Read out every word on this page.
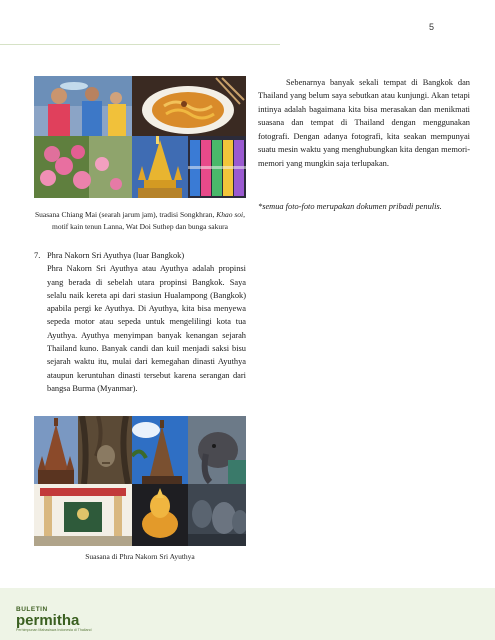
5
Suasana Chiang Mai (searah jarum jam), tradisi Songkhran, Khao soi, motif kain tenun Lanna, Wat Doi Suthep dan bunga sakura

Sebenarnya banyak sekali tempat di Bangkok dan Thailand yang belum saya sebutkan atau kunjungi. Akan tetapi intinya adalah bagaimana kita bisa merasakan dan menikmati suasana dan tempat di Thailand dengan menggunakan fotografi. Dengan adanya fotografi, kita seakan mempunyai suatu mesin waktu yang menghubungkan kita dengan memori-memori yang mungkin saja terlupakan.

*semua foto-foto merupakan dokumen pribadi penulis.
7. Phra Nakorn Sri Ayuthya (luar Bangkok)
Phra Nakorn Sri Ayuthya atau Ayuthya adalah propinsi yang berada di sebelah utara propinsi Bangkok. Saya selalu naik kereta api dari stasiun Hualampong (Bangkok) apabila pergi ke Ayuthya. Di Ayuthya, kita bisa menyewa sepeda motor atau sepeda untuk mengelilingi kota tua Ayuthya. Ayuthya menyimpan banyak kenangan sejarah Thailand kuno. Banyak candi dan kuil menjadi saksi bisu sejarah waktu itu, mulai dari kemegahan dinasti Ayuthya ataupun keruntuhan dinasti tersebut karena serangan dari bangsa Burma (Myanmar).
Suasana di Phra Nakorn Sri Ayuthya
BULETIN
permitha
Perhimpunan Mahasiswa Indonesia di Thailand
